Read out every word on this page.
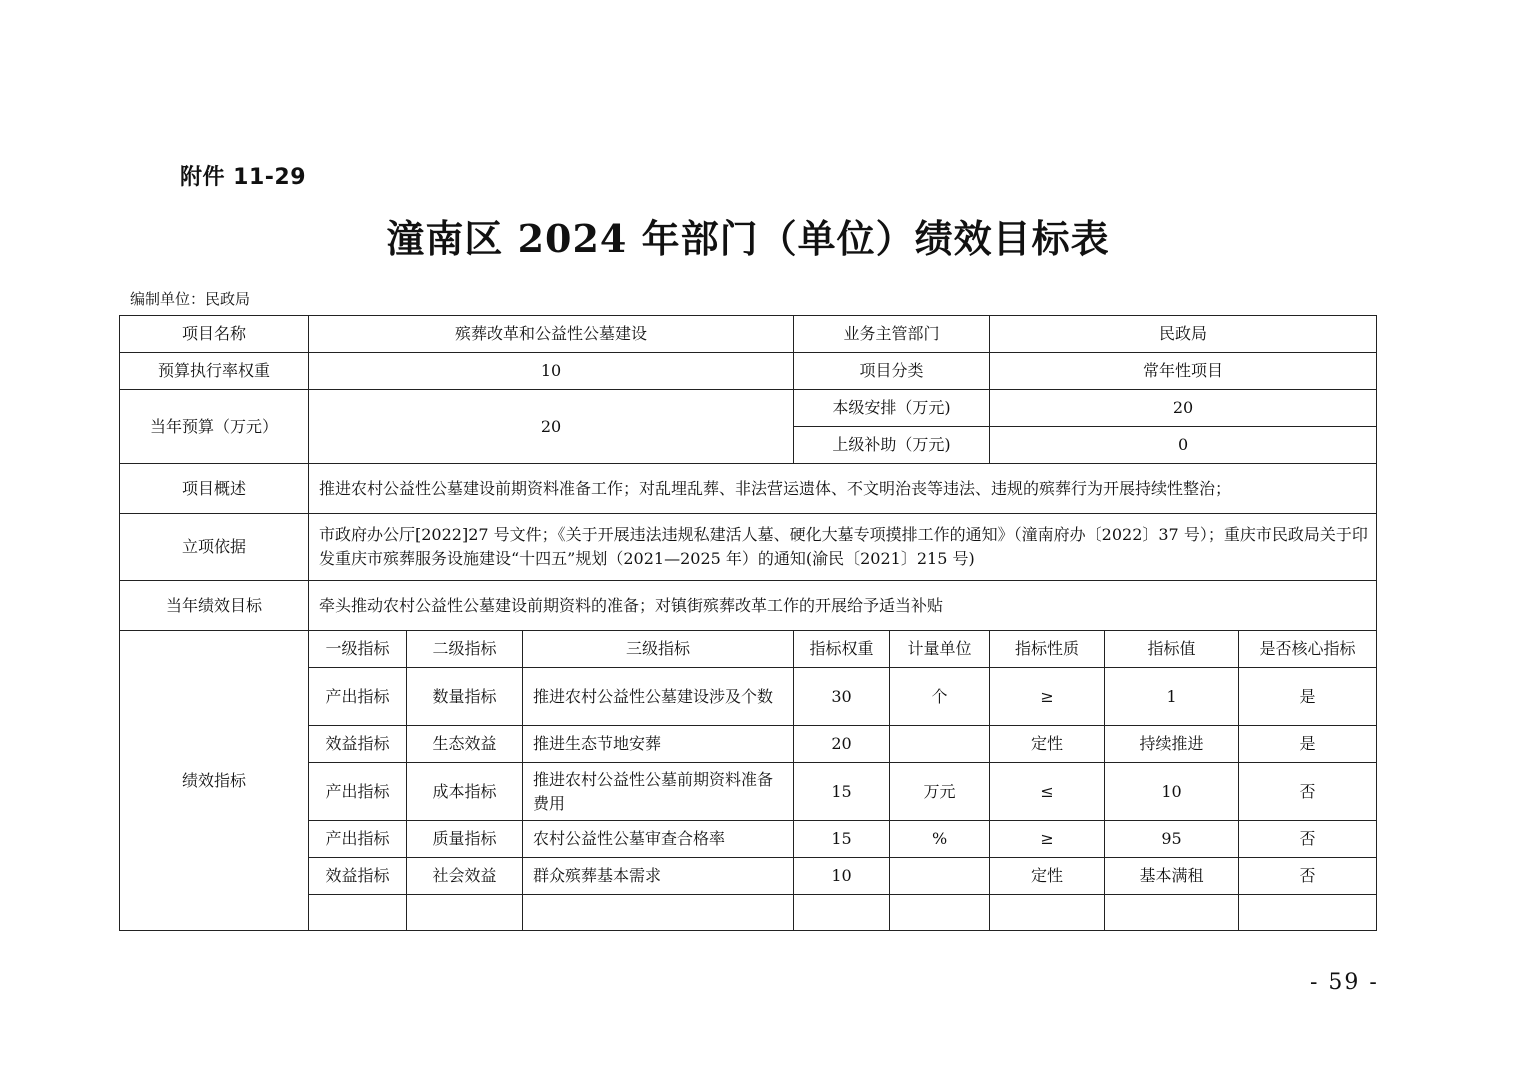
附件 11-29
潼南区 2024 年部门（单位）绩效目标表
编制单位：民政局
项目名称	殡葬改革和公益性公墓建设			业务主管部门		民政局		
预算执行率权重	10			项目分类		常年性项目		
当年预算（万元）	20			本级安排（万元)		20		
				上级补助（万元)		0		
项目概述	推进农村公益性公墓建设前期资料准备工作；对乱埋乱葬、非法营运遗体、不文明治丧等违法、违规的殡葬行为开展持续性整治；							
立项依据	市政府办公厅[2022]27 号文件；《关于开展违法违规私建活人墓、硬化大墓专项摸排工作的通知》（潼南府办〔2022〕37 号）；重庆市民政局关于印发重庆市殡葬服务设施建设“十四五”规划（2021—2025 年）的通知(渝民〔2021〕215 号)							
当年绩效目标	牵头推动农村公益性公墓建设前期资料的准备；对镇街殡葬改革工作的开展给予适当补贴							
绩效指标	一级指标	二级指标	三级指标	指标权重	计量单位	指标性质	指标值	是否核心指标
	产出指标	数量指标	推进农村公益性公墓建设涉及个数	30	个	≥	1	是
	效益指标	生态效益	推进生态节地安葬	20		定性	持续推进	是
	产出指标	成本指标	推进农村公益性公墓前期资料准备费用	15	万元	≤	10	否
	产出指标	质量指标	农村公益性公墓审查合格率	15	%	≥	95	否
	效益指标	社会效益	群众殡葬基本需求	10		定性	基本满租	否

- 59 -
